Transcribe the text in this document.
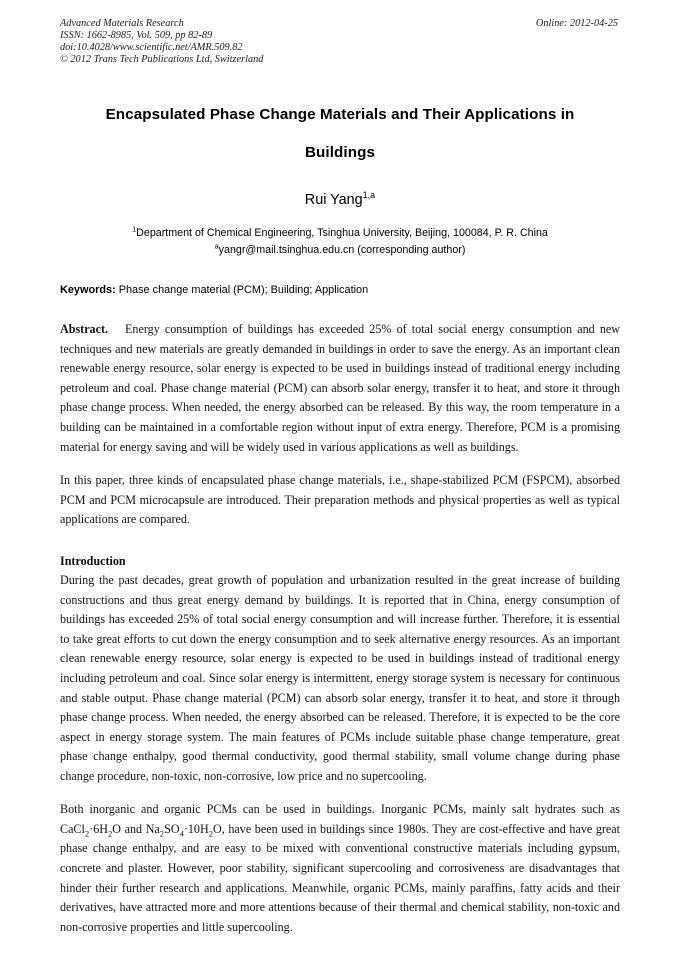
Advanced Materials Research
ISSN: 1662-8985, Vol. 509, pp 82-89
doi:10.4028/www.scientific.net/AMR.509.82
© 2012 Trans Tech Publications Ltd, Switzerland
Online: 2012-04-25
Encapsulated Phase Change Materials and Their Applications in
Buildings
Rui Yang$^{1,a}$
$^1$Department of Chemical Engineering, Tsinghua University, Beijing, 100084, P. R. China
$^a$yangr@mail.tsinghua.edu.cn (corresponding author)
Keywords: Phase change material (PCM); Building; Application
Abstract. Energy consumption of buildings has exceeded 25% of total social energy consumption and new techniques and new materials are greatly demanded in buildings in order to save the energy. As an important clean renewable energy resource, solar energy is expected to be used in buildings instead of traditional energy including petroleum and coal. Phase change material (PCM) can absorb solar energy, transfer it to heat, and store it through phase change process. When needed, the energy absorbed can be released. By this way, the room temperature in a building can be maintained in a comfortable region without input of extra energy. Therefore, PCM is a promising material for energy saving and will be widely used in various applications as well as buildings.

In this paper, three kinds of encapsulated phase change materials, i.e., shape-stabilized PCM (FSPCM), absorbed PCM and PCM microcapsule are introduced. Their preparation methods and physical properties as well as typical applications are compared.

Introduction

During the past decades, great growth of population and urbanization resulted in the great increase of building constructions and thus great energy demand by buildings. It is reported that in China, energy consumption of buildings has exceeded 25% of total social energy consumption and will increase further. Therefore, it is essential to take great efforts to cut down the energy consumption and to seek alternative energy resources. As an important clean renewable energy resource, solar energy is expected to be used in buildings instead of traditional energy including petroleum and coal. Since solar energy is intermittent, energy storage system is necessary for continuous and stable output. Phase change material (PCM) can absorb solar energy, transfer it to heat, and store it through phase change process. When needed, the energy absorbed can be released. Therefore, it is expected to be the core aspect in energy storage system. The main features of PCMs include suitable phase change temperature, great phase change enthalpy, good thermal conductivity, good thermal stability, small volume change during phase change procedure, non-toxic, non-corrosive, low price and no supercooling.

Both inorganic and organic PCMs can be used in buildings. Inorganic PCMs, mainly salt hydrates such as $CaCl_2\cdot 6H_2O$ and $Na_2SO_4\cdot 10H_2O$, have been used in buildings since 1980s. They are cost-effective and have great phase change enthalpy, and are easy to be mixed with conventional constructive materials including gypsum, concrete and plaster. However, poor stability, significant supercooling and corrosiveness are disadvantages that hinder their further research and applications. Meanwhile, organic PCMs, mainly paraffins, fatty acids and their derivatives, have attracted more and more attentions because of their thermal and chemical stability, non-toxic and non-corrosive properties and little supercooling.
